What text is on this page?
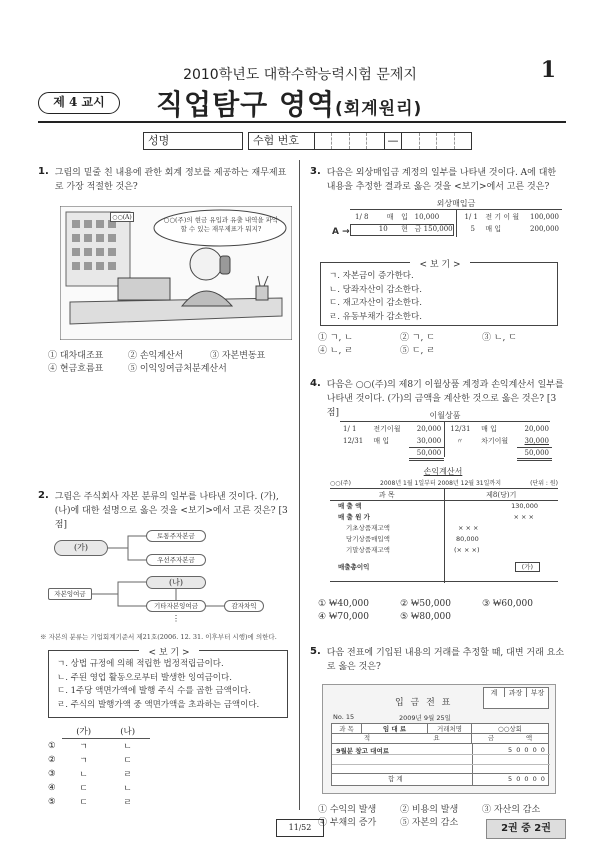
2010학년도 대학수학능력시험 문제지	1
제 4 교시	직업탐구 영역(회계원리)
성명	수험 번호	—
1. 그림의 밑줄 친 내용에 관한 회계 정보를 제공하는 재무제표로 가장 적절한 것은?
○○(A)	○○(주)의 현금 유입과 유출 내역을 파악할 수 있는 재무제표가 뭐지?
① 대차대조표	② 손익계산서	③ 자본변동표
④ 현금흐름표	⑤ 이익잉여금처분계산서
2. 그림은 주식회사 자본 분류의 일부를 나타낸 것이다. (가), (나)에 대한 설명으로 옳은 것을 <보기>에서 고른 것은? [3점]
(가)
토통주자본금
우선주자본금
(나)
자본잉여금
기타자본잉여금	감자차익
⋮
※ 자본의 분류는 기업회계기준서 제21호(2006. 12. 31. 이후부터 시행)에 의한다.
< 보 기 >
ㄱ. 상법 규정에 의해 적립한 법정적립금이다.
ㄴ. 주된 영업 활동으로부터 발생한 잉여금이다.
ㄷ. 1주당 액면가액에 발행 주식 수를 곱한 금액이다.
ㄹ. 주식의 발행가액 중 액면가액을 초과하는 금액이다.
	(가)	(나)
①	ㄱ	ㄴ
②	ㄱ	ㄷ
③	ㄴ	ㄹ
④	ㄷ	ㄴ
⑤	ㄷ	ㄹ
3. 다음은 외상매입금 계정의 일부를 나타낸 것이다. A에 대한 내용을 추정한 결과로 옳은 것을 <보기>에서 고른 것은?
외상매입금
A →
1/ 8	매	입	10,000	1/ 1	전 기 이 월	100,000
	10	현	금 150,000	5	매 입	200,000
< 보 기 >
ㄱ. 자본금이 증가한다.
ㄴ. 당좌자산이 감소한다.
ㄷ. 재고자산이 감소한다.
ㄹ. 유동부채가 감소한다.
① ㄱ, ㄴ	② ㄱ, ㄷ	③ ㄴ, ㄷ
④ ㄴ, ㄹ	⑤ ㄷ, ㄹ
4. 다음은 ○○(주)의 제8기 이월상품 계정과 손익계산서 일부를 나타낸 것이다. (가)의 금액을 계산한 것으로 옳은 것은? [3점]	이월상품
1/ 1	전기이월	20,000	12/31	매 입	20,000
12/31	매 입	30,000	〃	차기이월	30,000
		50,000			50,000
손익계산서
○○(주)	2008년 1월 1일부터 2008년 12월 31일까지	(단위 : 원)
과 목	제8(당)기
매 출 액	130,000
매 출 원 가	× × ×
기초상품재고액	× × ×
당기상품매입액	80,000
기말상품재고액	(× × ×)
매출총이익	(가)
① ₩40,000	② ₩50,000	③ ₩60,000
④ ₩70,000	⑤ ₩80,000
5. 다음 전표에 기입된 내용의 거래를 추정할 때, 대변 거래 요소로 옳은 것은?
입 금 전 표
계	과장	부장
No. 15	2009년 9월 25일
과 목	임 대 료	거래처명	○○상회
적	요	금	액
9월분 창고 대여료	5 0 0 0 0
합 계	5 0 0 0 0
① 수익의 발생	② 비용의 발생	③ 자산의 감소
④ 부채의 증가	⑤ 자본의 감소
11/52	2권 중 2권
